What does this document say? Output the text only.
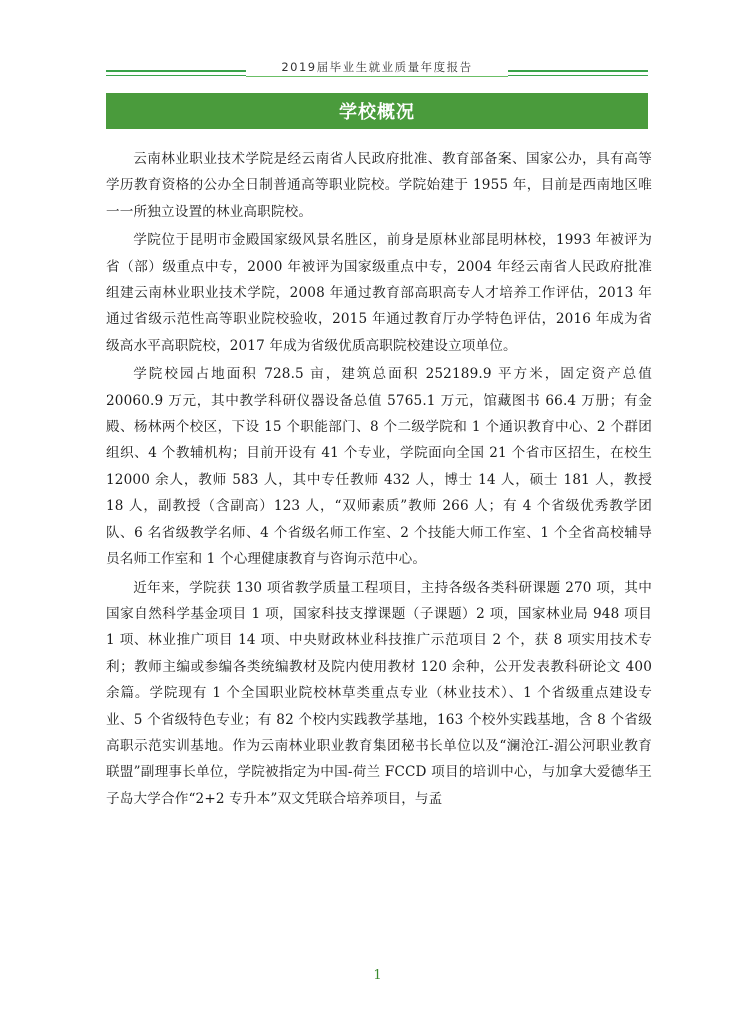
2019届毕业生就业质量年度报告
学校概况

云南林业职业技术学院是经云南省人民政府批准、教育部备案、国家公办，具有高等学历教育资格的公办全日制普通高等职业院校。学院始建于 1955 年，目前是西南地区唯一一所独立设置的林业高职院校。

学院位于昆明市金殿国家级风景名胜区，前身是原林业部昆明林校，1993 年被评为省（部）级重点中专，2000 年被评为国家级重点中专，2004 年经云南省人民政府批准组建云南林业职业技术学院，2008 年通过教育部高职高专人才培养工作评估，2013 年通过省级示范性高等职业院校验收，2015 年通过教育厅办学特色评估，2016 年成为省级高水平高职院校，2017 年成为省级优质高职院校建设立项单位。

学院校园占地面积 728.5 亩，建筑总面积 252189.9 平方米，固定资产总值 20060.9 万元，其中教学科研仪器设备总值 5765.1 万元，馆藏图书 66.4 万册；有金殿、杨林两个校区，下设 15 个职能部门、8 个二级学院和 1 个通识教育中心、2 个群团组织、4 个教辅机构；目前开设有 41 个专业，学院面向全国 21 个省市区招生，在校生 12000 余人，教师 583 人，其中专任教师 432 人，博士 14 人，硕士 181 人，教授 18 人，副教授（含副高）123 人，“双师素质”教师 266 人；有 4 个省级优秀教学团队、6 名省级教学名师、4 个省级名师工作室、2 个技能大师工作室、1 个全省高校辅导员名师工作室和 1 个心理健康教育与咨询示范中心。

近年来，学院获 130 项省教学质量工程项目，主持各级各类科研课题 270 项，其中国家自然科学基金项目 1 项，国家科技支撑课题（子课题）2 项，国家林业局 948 项目 1 项、林业推广项目 14 项、中央财政林业科技推广示范项目 2 个，获 8 项实用技术专利；教师主编或参编各类统编教材及院内使用教材 120 余种，公开发表教科研论文 400 余篇。学院现有 1 个全国职业院校林草类重点专业（林业技术）、1 个省级重点建设专业、5 个省级特色专业；有 82 个校内实践教学基地，163 个校外实践基地，含 8 个省级高职示范实训基地。作为云南林业职业教育集团秘书长单位以及“澜沧江-湄公河职业教育联盟”副理事长单位，学院被指定为中国-荷兰 FCCD 项目的培训中心，与加拿大爱德华王子岛大学合作“2+2 专升本”双文凭联合培养项目，与孟

1
